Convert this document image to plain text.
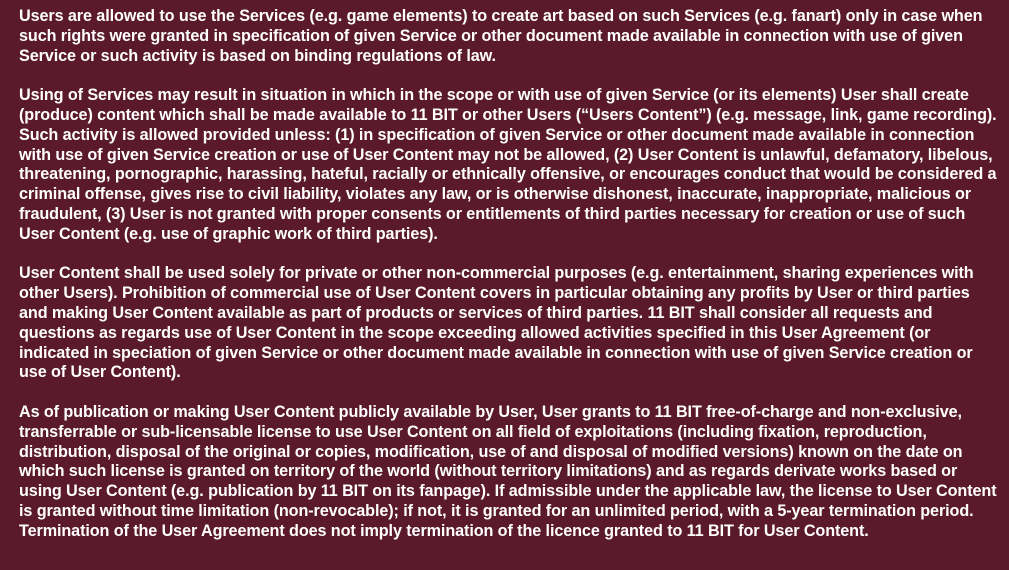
Users are allowed to use the Services (e.g. game elements) to create art based on such Services (e.g. fanart) only in case when such rights were granted in specification of given Service or other document made available in connection with use of given Service or such activity is based on binding regulations of law.

Using of Services may result in situation in which in the scope or with use of given Service (or its elements) User shall create (produce) content which shall be made available to 11 BIT or other Users (“Users Content”) (e.g. message, link, game recording). Such activity is allowed provided unless: (1) in specification of given Service or other document made available in connection with use of given Service creation or use of User Content may not be allowed, (2) User Content is unlawful, defamatory, libelous, threatening, pornographic, harassing, hateful, racially or ethnically offensive, or encourages conduct that would be considered a criminal offense, gives rise to civil liability, violates any law, or is otherwise dishonest, inaccurate, inappropriate, malicious or fraudulent, (3) User is not granted with proper consents or entitlements of third parties necessary for creation or use of such User Content (e.g. use of graphic work of third parties).

User Content shall be used solely for private or other non-commercial purposes (e.g. entertainment, sharing experiences with other Users). Prohibition of commercial use of User Content covers in particular obtaining any profits by User or third parties and making User Content available as part of products or services of third parties. 11 BIT shall consider all requests and questions as regards use of User Content in the scope exceeding allowed activities specified in this User Agreement (or indicated in speciation of given Service or other document made available in connection with use of given Service creation or use of User Content).

As of publication or making User Content publicly available by User, User grants to 11 BIT free-of-charge and non-exclusive, transferrable or sub-licensable license to use User Content on all field of exploitations (including fixation, reproduction, distribution, disposal of the original or copies, modification, use of and disposal of modified versions) known on the date on which such license is granted on territory of the world (without territory limitations) and as regards derivate works based or using User Content (e.g. publication by 11 BIT on its fanpage). If admissible under the applicable law, the license to User Content is granted without time limitation (non-revocable); if not, it is granted for an unlimited period, with a 5-year termination period. Termination of the User Agreement does not imply termination of the licence granted to 11 BIT for User Content.
